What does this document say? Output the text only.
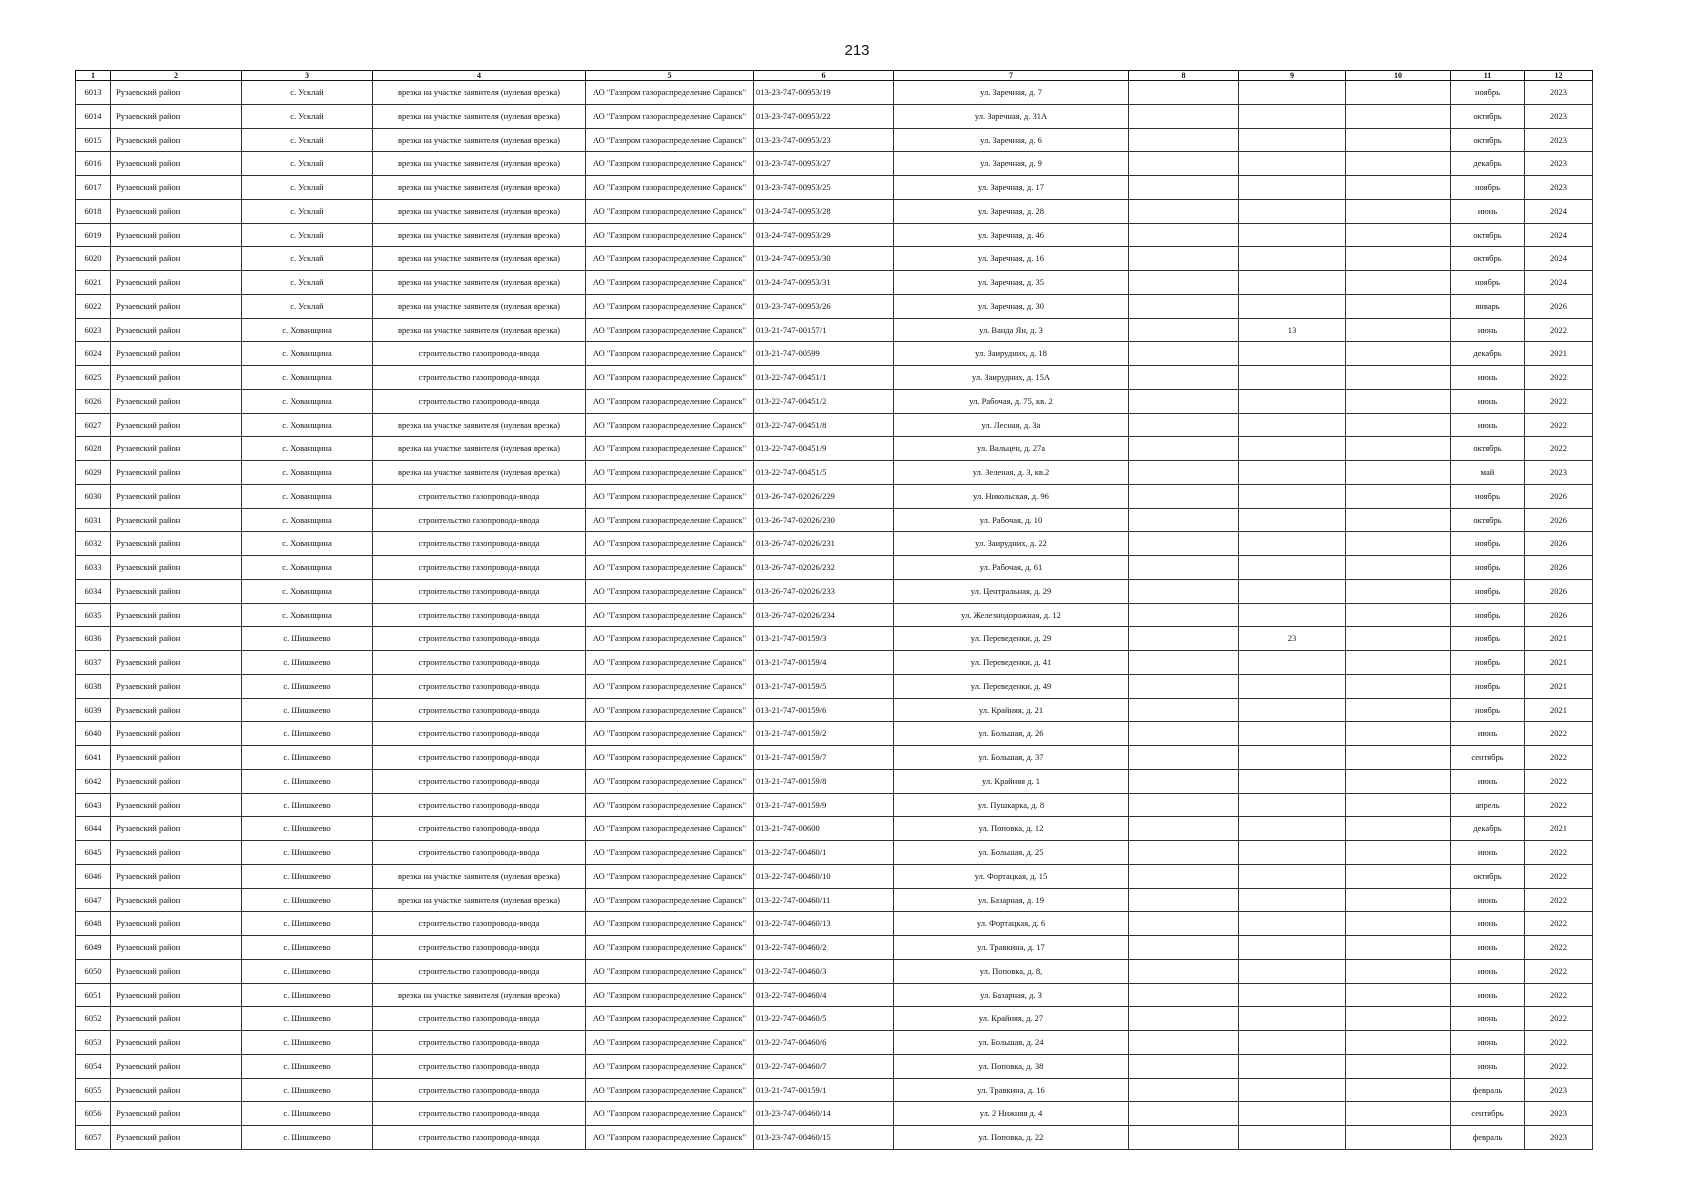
213
1	2	3	4	5	6	7	8	9	10	11	12
6013	Рузаевский район	с. Усклай	врезка на участке заявителя (нулевая врезка)	АО "Газпром газораспределение Саранск"	013-23-747-00953/19	ул. Заречная, д. 7				ноябрь	2023
6014	Рузаевский район	с. Усклай	врезка на участке заявителя (нулевая врезка)	АО "Газпром газораспределение Саранск"	013-23-747-00953/22	ул. Заречная, д. 31А				октябрь	2023
6015	Рузаевский район	с. Усклай	врезка на участке заявителя (нулевая врезка)	АО "Газпром газораспределение Саранск"	013-23-747-00953/23	ул. Заречная, д. 6				октябрь	2023
6016	Рузаевский район	с. Усклай	врезка на участке заявителя (нулевая врезка)	АО "Газпром газораспределение Саранск"	013-23-747-00953/27	ул. Заречная, д. 9				декабрь	2023
6017	Рузаевский район	с. Усклай	врезка на участке заявителя (нулевая врезка)	АО "Газпром газораспределение Саранск"	013-23-747-00953/25	ул. Заречная, д. 17				ноябрь	2023
6018	Рузаевский район	с. Усклай	врезка на участке заявителя (нулевая врезка)	АО "Газпром газораспределение Саранск"	013-24-747-00953/28	ул. Заречная, д. 28				июнь	2024
6019	Рузаевский район	с. Усклай	врезка на участке заявителя (нулевая врезка)	АО "Газпром газораспределение Саранск"	013-24-747-00953/29	ул. Заречная, д. 46				октябрь	2024
6020	Рузаевский район	с. Усклай	врезка на участке заявителя (нулевая врезка)	АО "Газпром газораспределение Саранск"	013-24-747-00953/30	ул. Заречная, д. 16				октябрь	2024
6021	Рузаевский район	с. Усклай	врезка на участке заявителя (нулевая врезка)	АО "Газпром газораспределение Саранск"	013-24-747-00953/31	ул. Заречная, д. 35				ноябрь	2024
6022	Рузаевский район	с. Усклай	врезка на участке заявителя (нулевая врезка)	АО "Газпром газораспределение Саранск"	013-23-747-00953/26	ул. Заречная, д. 30				январь	2026
6023	Рузаевский район	с. Хованщина	врезка на участке заявителя (нулевая врезка)	АО "Газпром газораспределение Саранск"	013-21-747-00157/1	ул. Ванда Ян, д. 3		13		июнь	2022
6024	Рузаевский район	с. Хованщина	строительство газопровода-ввода	АО "Газпром газораспределение Саранск"	013-21-747-00599	ул. Заирудних, д. 18				декабрь	2021
6025	Рузаевский район	с. Хованщина	строительство газопровода-ввода	АО "Газпром газораспределение Саранск"	013-22-747-00451/1	ул. Заирудних, д. 15А				июнь	2022
6026	Рузаевский район	с. Хованщина	строительство газопровода-ввода	АО "Газпром газораспределение Саранск"	013-22-747-00451/2	ул. Рабочая, д. 75, кв. 2				июнь	2022
6027	Рузаевский район	с. Хованщина	врезка на участке заявителя (нулевая врезка)	АО "Газпром газораспределение Саранск"	013-22-747-00451/8	ул. Лесная, д. 3а				июнь	2022
6028	Рузаевский район	с. Хованщина	врезка на участке заявителя (нулевая врезка)	АО "Газпром газораспределение Саранск"	013-22-747-00451/9	ул. Вальцен, д. 27а				октябрь	2022
6029	Рузаевский район	с. Хованщина	врезка на участке заявителя (нулевая врезка)	АО "Газпром газораспределение Саранск"	013-22-747-00451/5	ул. Зеленая, д. 3, кв.2				май	2023
6030	Рузаевский район	с. Хованщина	строительство газопровода-ввода	АО "Газпром газораспределение Саранск"	013-26-747-02026/229	ул. Никольская, д. 96				ноябрь	2026
6031	Рузаевский район	с. Хованщина	строительство газопровода-ввода	АО "Газпром газораспределение Саранск"	013-26-747-02026/230	ул. Рабочая, д. 10				октябрь	2026
6032	Рузаевский район	с. Хованщина	строительство газопровода-ввода	АО "Газпром газораспределение Саранск"	013-26-747-02026/231	ул. Заирудних, д. 22				ноябрь	2026
6033	Рузаевский район	с. Хованщина	строительство газопровода-ввода	АО "Газпром газораспределение Саранск"	013-26-747-02026/232	ул. Рабочая, д. 61				ноябрь	2026
6034	Рузаевский район	с. Хованщина	строительство газопровода-ввода	АО "Газпром газораспределение Саранск"	013-26-747-02026/233	ул. Центральная, д. 29				ноябрь	2026
6035	Рузаевский район	с. Хованщина	строительство газопровода-ввода	АО "Газпром газораспределение Саранск"	013-26-747-02026/234	ул. Железнодорожная, д. 12				ноябрь	2026
6036	Рузаевский район	с. Шишкеево	строительство газопровода-ввода	АО "Газпром газораспределение Саранск"	013-21-747-00159/3	ул. Переведенки, д. 29		23		ноябрь	2021
6037	Рузаевский район	с. Шишкеево	строительство газопровода-ввода	АО "Газпром газораспределение Саранск"	013-21-747-00159/4	ул. Переведенки, д. 41				ноябрь	2021
6038	Рузаевский район	с. Шишкеево	строительство газопровода-ввода	АО "Газпром газораспределение Саранск"	013-21-747-00159/5	ул. Переведенки, д. 49				ноябрь	2021
6039	Рузаевский район	с. Шишкеево	строительство газопровода-ввода	АО "Газпром газораспределение Саранск"	013-21-747-00159/6	ул. Крайняя, д. 21				ноябрь	2021
6040	Рузаевский район	с. Шишкеево	строительство газопровода-ввода	АО "Газпром газораспределение Саранск"	013-21-747-00159/2	ул. Большая, д. 26				июнь	2022
6041	Рузаевский район	с. Шишкеево	строительство газопровода-ввода	АО "Газпром газораспределение Саранск"	013-21-747-00159/7	ул. Большая, д. 37				сентябрь	2022
6042	Рузаевский район	с. Шишкеево	строительство газопровода-ввода	АО "Газпром газораспределение Саранск"	013-21-747-00159/8	ул. Крайняя д. 1				июнь	2022
6043	Рузаевский район	с. Шишкеево	строительство газопровода-ввода	АО "Газпром газораспределение Саранск"	013-21-747-00159/9	ул. Пушкарка, д. 8				апрель	2022
6044	Рузаевский район	с. Шишкеево	строительство газопровода-ввода	АО "Газпром газораспределение Саранск"	013-21-747-00600	ул. Поповка, д. 12				декабрь	2021
6045	Рузаевский район	с. Шишкеево	строительство газопровода-ввода	АО "Газпром газораспределение Саранск"	013-22-747-00460/1	ул. Большая, д. 25				июнь	2022
6046	Рузаевский район	с. Шишкеево	врезка на участке заявителя (нулевая врезка)	АО "Газпром газораспределение Саранск"	013-22-747-00460/10	ул. Фортацкая, д. 15				октябрь	2022
6047	Рузаевский район	с. Шишкеево	врезка на участке заявителя (нулевая врезка)	АО "Газпром газораспределение Саранск"	013-22-747-00460/11	ул. Базарная, д. 19				июнь	2022
6048	Рузаевский район	с. Шишкеево	строительство газопровода-ввода	АО "Газпром газораспределение Саранск"	013-22-747-00460/13	ул. Фортацкая, д. 6				июнь	2022
6049	Рузаевский район	с. Шишкеево	строительство газопровода-ввода	АО "Газпром газораспределение Саранск"	013-22-747-00460/2	ул. Травкина, д. 17				июнь	2022
6050	Рузаевский район	с. Шишкеево	строительство газопровода-ввода	АО "Газпром газораспределение Саранск"	013-22-747-00460/3	ул. Поповка, д. 8,				июнь	2022
6051	Рузаевский район	с. Шишкеево	врезка на участке заявителя (нулевая врезка)	АО "Газпром газораспределение Саранск"	013-22-747-00460/4	ул. Базарная, д. 3				июнь	2022
6052	Рузаевский район	с. Шишкеево	строительство газопровода-ввода	АО "Газпром газораспределение Саранск"	013-22-747-00460/5	ул. Крайняя, д. 27				июнь	2022
6053	Рузаевский район	с. Шишкеево	строительство газопровода-ввода	АО "Газпром газораспределение Саранск"	013-22-747-00460/6	ул. Большая, д. 24				июнь	2022
6054	Рузаевский район	с. Шишкеево	строительство газопровода-ввода	АО "Газпром газораспределение Саранск"	013-22-747-00460/7	ул. Поповка, д. 38				июнь	2022
6055	Рузаевский район	с. Шишкеево	строительство газопровода-ввода	АО "Газпром газораспределение Саранск"	013-21-747-00159/1	ул. Травкина, д. 16				февраль	2023
6056	Рузаевский район	с. Шишкеево	строительство газопровода-ввода	АО "Газпром газораспределение Саранск"	013-23-747-00460/14	ул. 2 Нижняя д. 4				сентябрь	2023
6057	Рузаевский район	с. Шишкеево	строительство газопровода-ввода	АО "Газпром газораспределение Саранск"	013-23-747-00460/15	ул. Поповка, д. 22				февраль	2023
